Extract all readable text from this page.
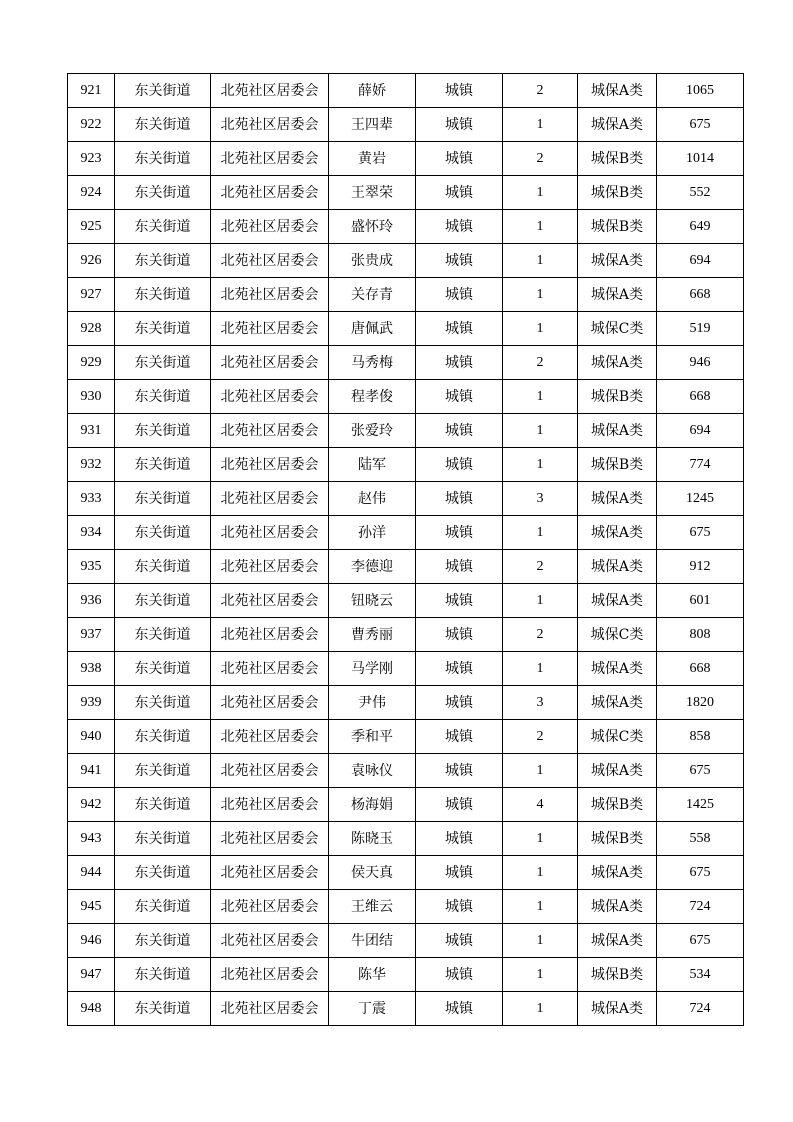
921	东关街道	北苑社区居委会	薛娇	城镇	2	城保A类	1065
922	东关街道	北苑社区居委会	王四辈	城镇	1	城保A类	675
923	东关街道	北苑社区居委会	黄岩	城镇	2	城保B类	1014
924	东关街道	北苑社区居委会	王翠荣	城镇	1	城保B类	552
925	东关街道	北苑社区居委会	盛怀玲	城镇	1	城保B类	649
926	东关街道	北苑社区居委会	张贵成	城镇	1	城保A类	694
927	东关街道	北苑社区居委会	关存青	城镇	1	城保A类	668
928	东关街道	北苑社区居委会	唐佩武	城镇	1	城保C类	519
929	东关街道	北苑社区居委会	马秀梅	城镇	2	城保A类	946
930	东关街道	北苑社区居委会	程孝俊	城镇	1	城保B类	668
931	东关街道	北苑社区居委会	张爱玲	城镇	1	城保A类	694
932	东关街道	北苑社区居委会	陆军	城镇	1	城保B类	774
933	东关街道	北苑社区居委会	赵伟	城镇	3	城保A类	1245
934	东关街道	北苑社区居委会	孙洋	城镇	1	城保A类	675
935	东关街道	北苑社区居委会	李德迎	城镇	2	城保A类	912
936	东关街道	北苑社区居委会	钮晓云	城镇	1	城保A类	601
937	东关街道	北苑社区居委会	曹秀丽	城镇	2	城保C类	808
938	东关街道	北苑社区居委会	马学刚	城镇	1	城保A类	668
939	东关街道	北苑社区居委会	尹伟	城镇	3	城保A类	1820
940	东关街道	北苑社区居委会	季和平	城镇	2	城保C类	858
941	东关街道	北苑社区居委会	袁咏仪	城镇	1	城保A类	675
942	东关街道	北苑社区居委会	杨海娟	城镇	4	城保B类	1425
943	东关街道	北苑社区居委会	陈晓玉	城镇	1	城保B类	558
944	东关街道	北苑社区居委会	侯天真	城镇	1	城保A类	675
945	东关街道	北苑社区居委会	王维云	城镇	1	城保A类	724
946	东关街道	北苑社区居委会	牛团结	城镇	1	城保A类	675
947	东关街道	北苑社区居委会	陈华	城镇	1	城保B类	534
948	东关街道	北苑社区居委会	丁震	城镇	1	城保A类	724
